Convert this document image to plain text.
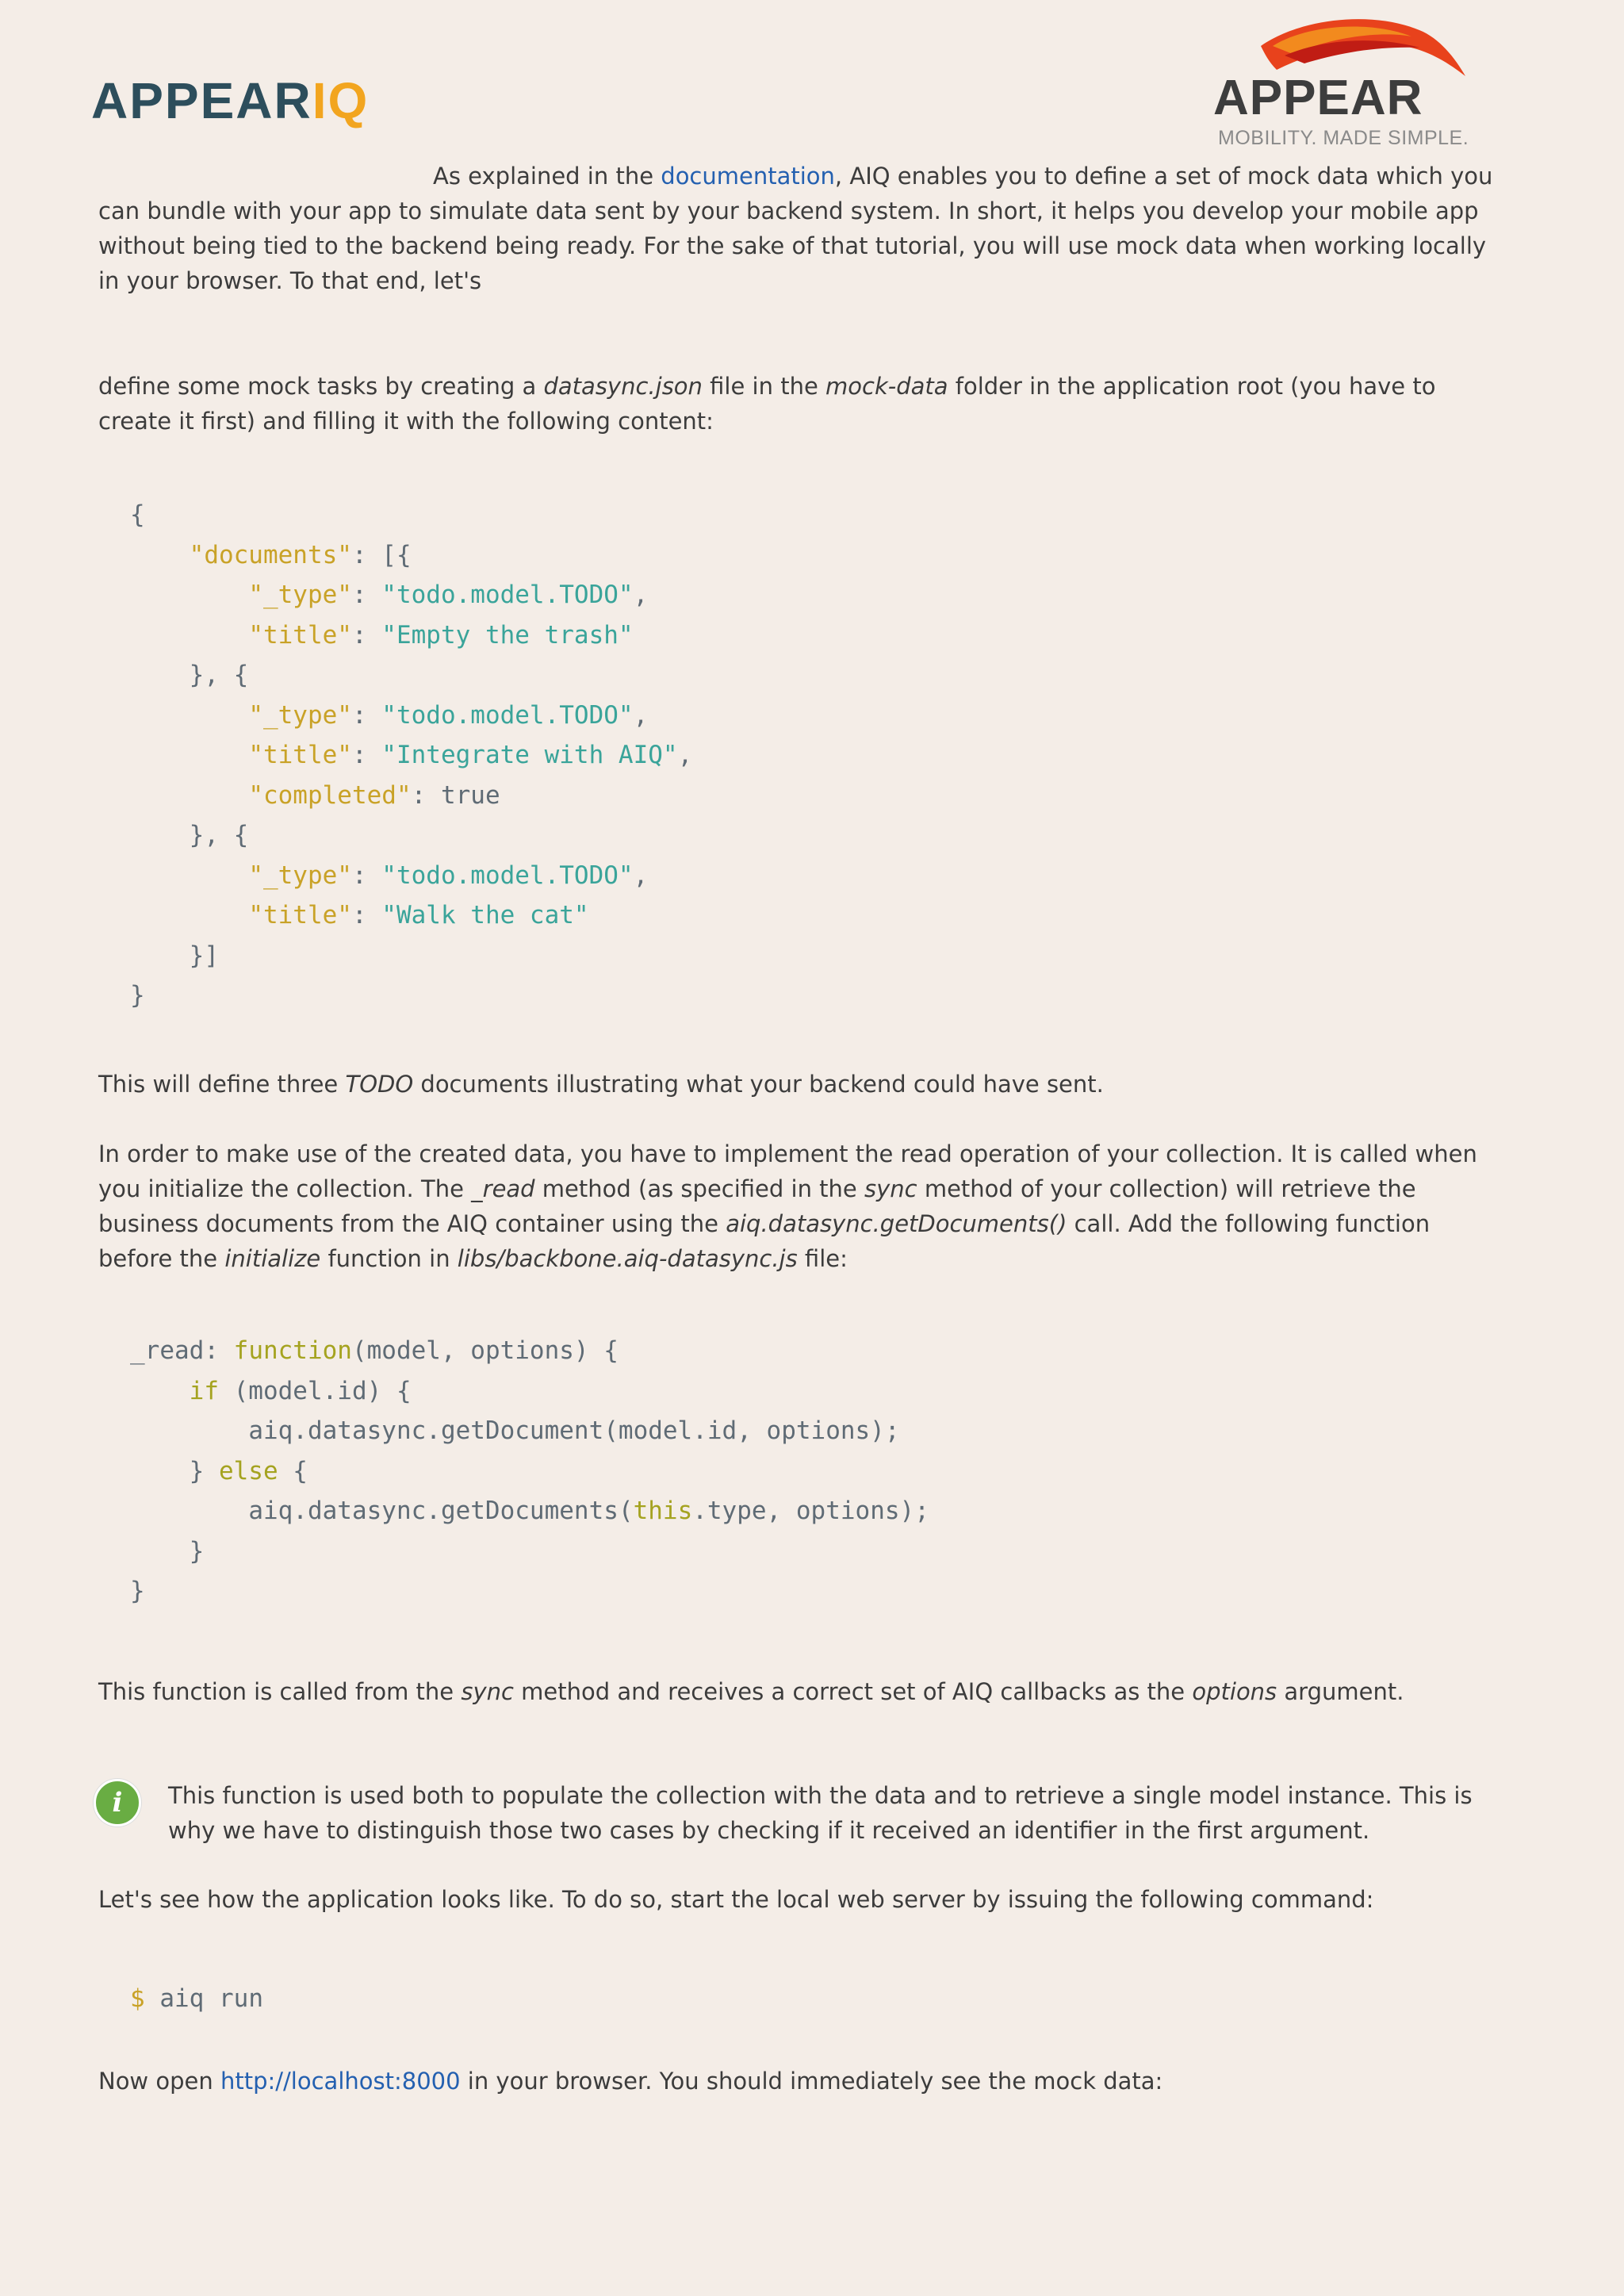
APPEARIQ	APPEAR
MOBILITY. MADE SIMPLE.
As explained in the documentation, AIQ enables you to define a set of mock data which you can bundle with your app to simulate data sent by your backend system. In short, it helps you develop your mobile app without being tied to the backend being ready. For the sake of that tutorial, you will use mock data when working locally in your browser. To that end, let's
define some mock tasks by creating a datasync.json file in the mock-data folder in the application root (you have to create it first) and filling it with the following content:
{
"documents": [{
"_type": "todo.model.TODO",
"title": "Empty the trash"
}, {
"_type": "todo.model.TODO",
"title": "Integrate with AIQ",
"completed": true
}, {
"_type": "todo.model.TODO",
"title": "Walk the cat"
}]
}
This will define three TODO documents illustrating what your backend could have sent.
In order to make use of the created data, you have to implement the read operation of your collection. It is called when you initialize the collection. The _read method (as specified in the sync method of your collection) will retrieve the business documents from the AIQ container using the aiq.datasync.getDocuments() call. Add the following function before the initialize function in libs/backbone.aiq-datasync.js file:
_read: function(model, options) {
if (model.id) {
aiq.datasync.getDocument(model.id, options);
} else {
aiq.datasync.getDocuments(this.type, options);
}
}
This function is called from the sync method and receives a correct set of AIQ callbacks as the options argument.
i	This function is used both to populate the collection with the data and to retrieve a single model instance. This is why we have to distinguish those two cases by checking if it received an identifier in the first argument.
Let's see how the application looks like. To do so, start the local web server by issuing the following command:
$ aiq run
Now open http://localhost:8000 in your browser. You should immediately see the mock data:
